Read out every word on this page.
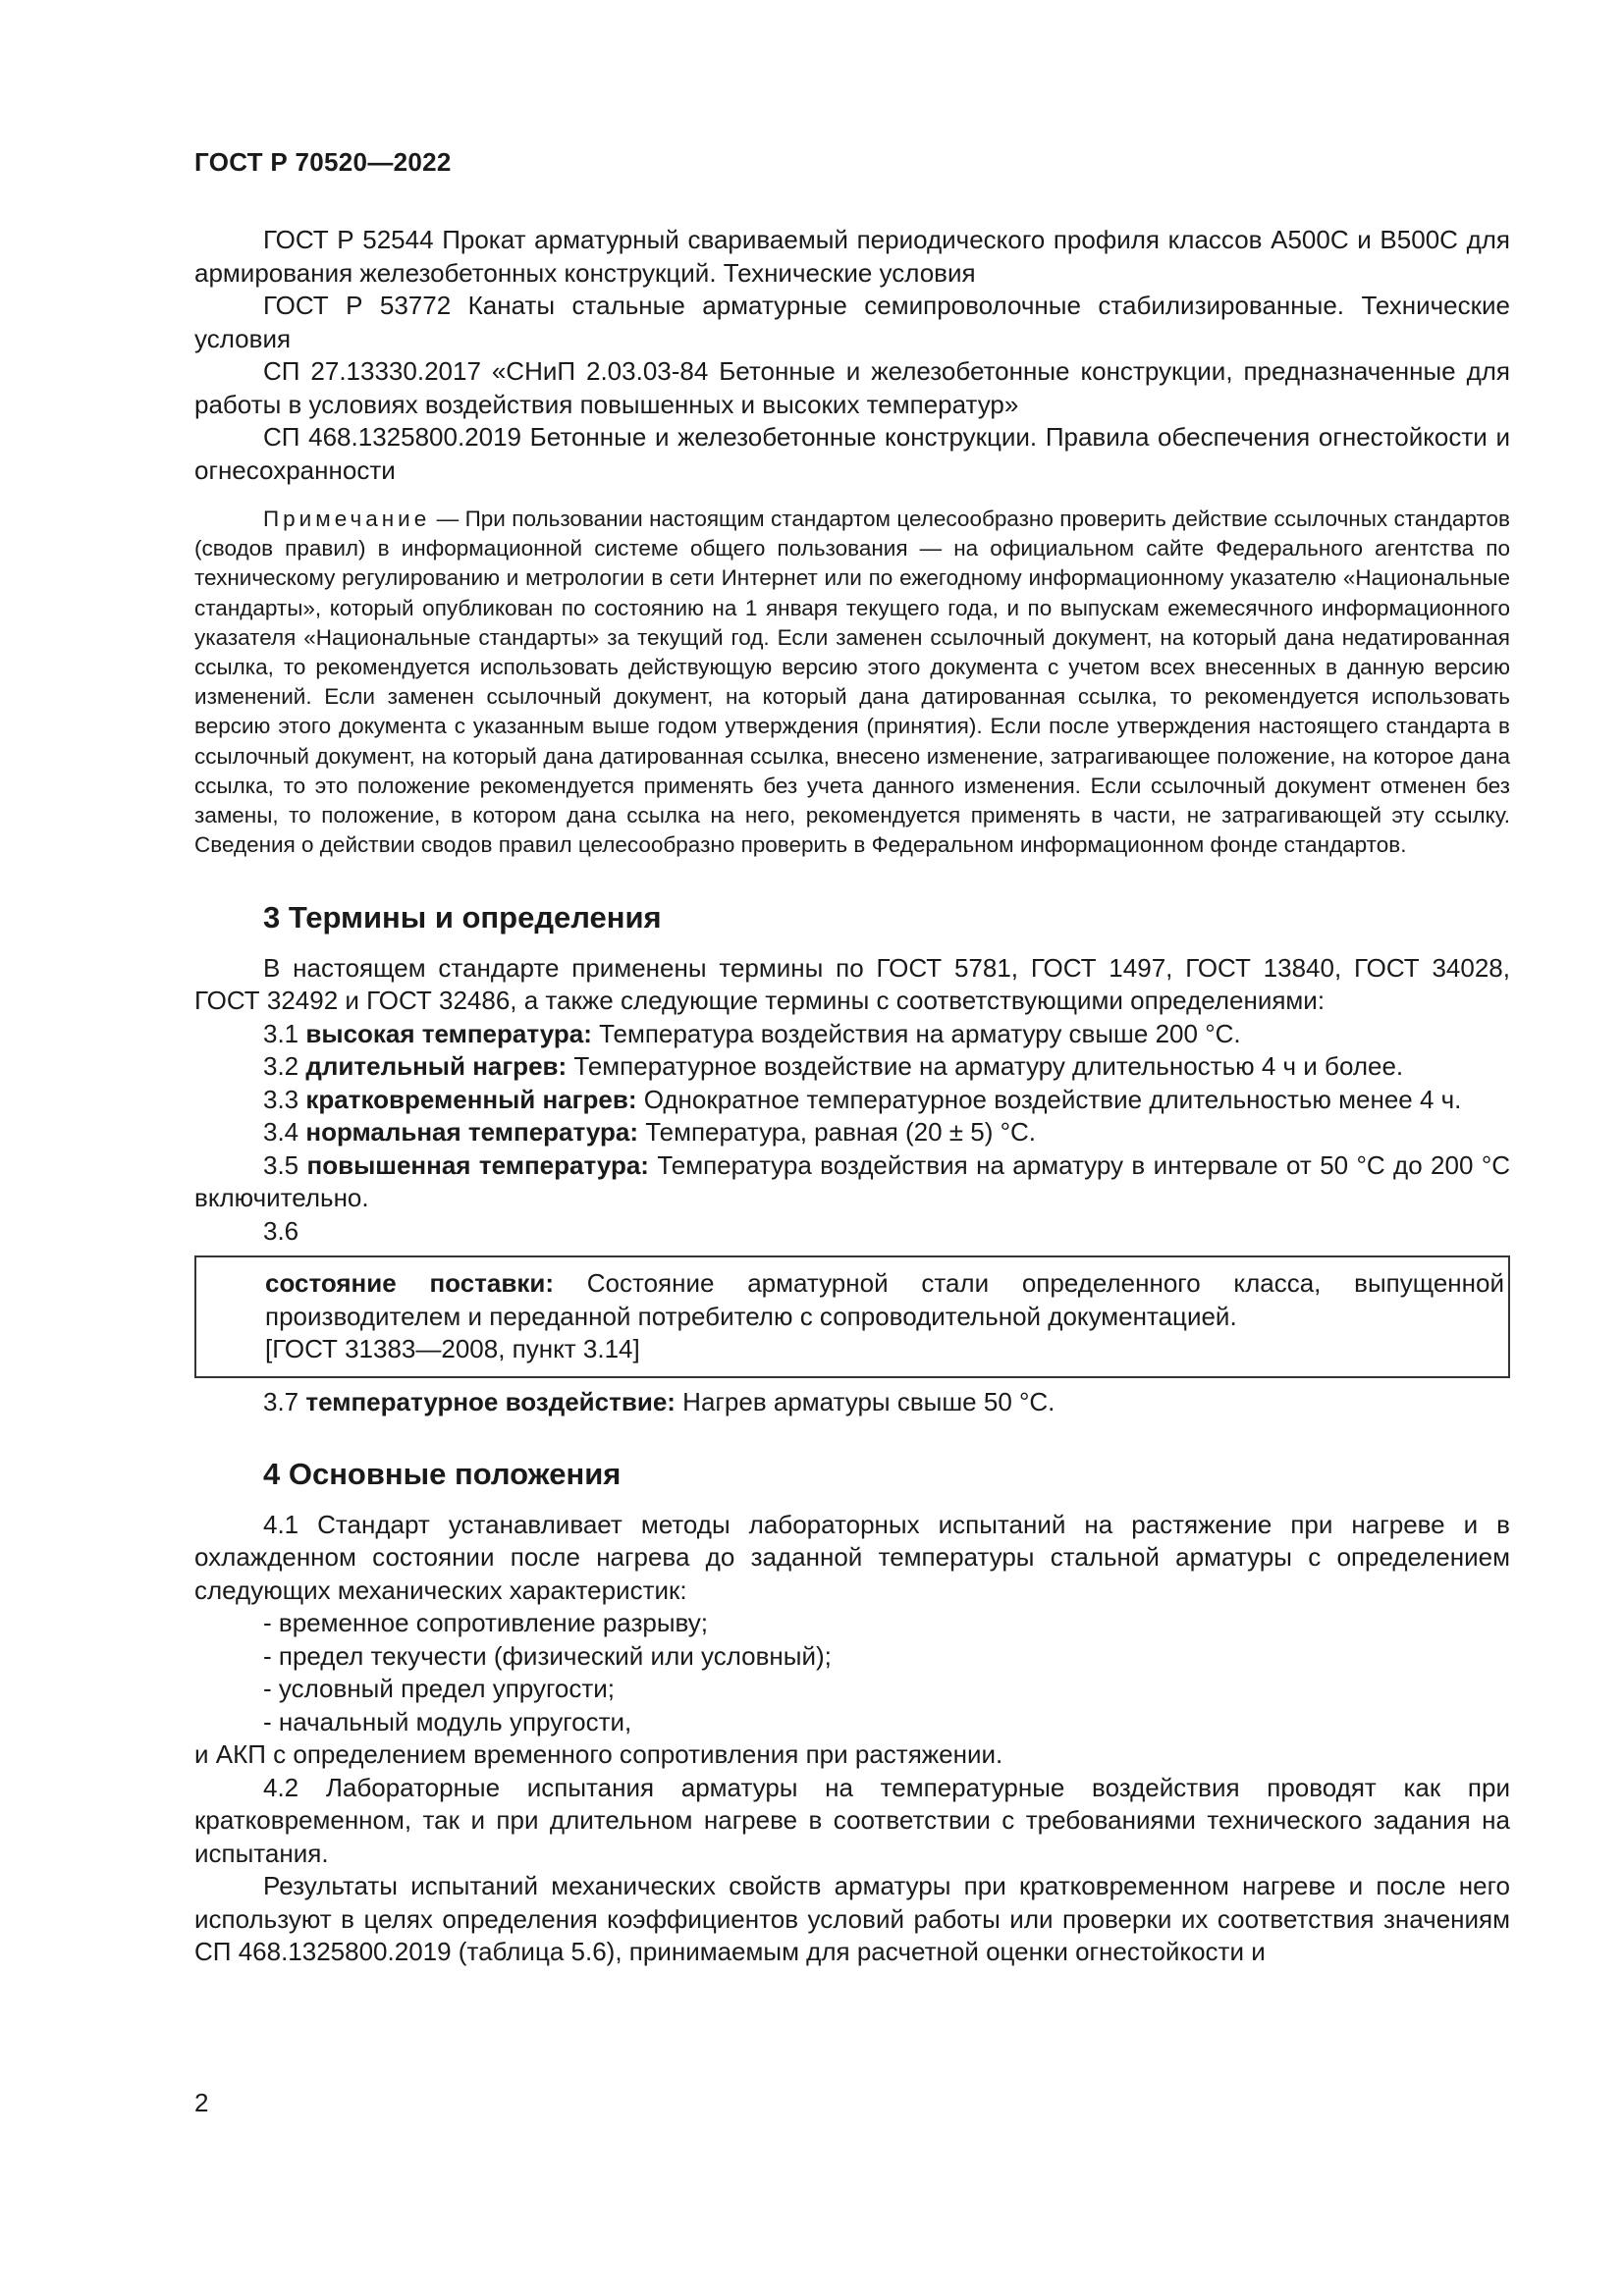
ГОСТ Р 70520—2022

ГОСТ Р 52544 Прокат арматурный свариваемый периодического профиля классов А500С и В500С для армирования железобетонных конструкций. Технические условия

ГОСТ Р 53772 Канаты стальные арматурные семипроволочные стабилизированные. Технические условия

СП 27.13330.2017 «СНиП 2.03.03-84 Бетонные и железобетонные конструкции, предназначенные для работы в условиях воздействия повышенных и высоких температур»

СП 468.1325800.2019 Бетонные и железобетонные конструкции. Правила обеспечения огнестойкости и огнесохранности

Примечание — При пользовании настоящим стандартом целесообразно проверить действие ссылочных стандартов (сводов правил) в информационной системе общего пользования — на официальном сайте Федерального агентства по техническому регулированию и метрологии в сети Интернет или по ежегодному информационному указателю «Национальные стандарты», который опубликован по состоянию на 1 января текущего года, и по выпускам ежемесячного информационного указателя «Национальные стандарты» за текущий год. Если заменен ссылочный документ, на который дана недатированная ссылка, то рекомендуется использовать действующую версию этого документа с учетом всех внесенных в данную версию изменений. Если заменен ссылочный документ, на который дана датированная ссылка, то рекомендуется использовать версию этого документа с указанным выше годом утверждения (принятия). Если после утверждения настоящего стандарта в ссылочный документ, на который дана датированная ссылка, внесено изменение, затрагивающее положение, на которое дана ссылка, то это положение рекомендуется применять без учета данного изменения. Если ссылочный документ отменен без замены, то положение, в котором дана ссылка на него, рекомендуется применять в части, не затрагивающей эту ссылку. Сведения о действии сводов правил целесообразно проверить в Федеральном информационном фонде стандартов.

3 Термины и определения

В настоящем стандарте применены термины по ГОСТ 5781, ГОСТ 1497, ГОСТ 13840, ГОСТ 34028, ГОСТ 32492 и ГОСТ 32486, а также следующие термины с соответствующими определениями:

3.1 высокая температура: Температура воздействия на арматуру свыше 200 °С.

3.2 длительный нагрев: Температурное воздействие на арматуру длительностью 4 ч и более.

3.3 кратковременный нагрев: Однократное температурное воздействие длительностью менее 4 ч.

3.4 нормальная температура: Температура, равная (20 ± 5) °С.

3.5 повышенная температура: Температура воздействия на арматуру в интервале от 50 °С до 200 °С включительно.

3.6

состояние поставки: Состояние арматурной стали определенного класса, выпущенной производителем и переданной потребителю с сопроводительной документацией.

[ГОСТ 31383—2008, пункт 3.14]

3.7 температурное воздействие: Нагрев арматуры свыше 50 °С.

4 Основные положения

4.1 Стандарт устанавливает методы лабораторных испытаний на растяжение при нагреве и в охлажденном состоянии после нагрева до заданной температуры стальной арматуры с определением следующих механических характеристик:

- временное сопротивление разрыву;

- предел текучести (физический или условный);

- условный предел упругости;

- начальный модуль упругости,

и АКП с определением временного сопротивления при растяжении.

4.2 Лабораторные испытания арматуры на температурные воздействия проводят как при кратковременном, так и при длительном нагреве в соответствии с требованиями технического задания на испытания.

Результаты испытаний механических свойств арматуры при кратковременном нагреве и после него используют в целях определения коэффициентов условий работы или проверки их соответствия значениям СП 468.1325800.2019 (таблица 5.6), принимаемым для расчетной оценки огнестойкости и

2
